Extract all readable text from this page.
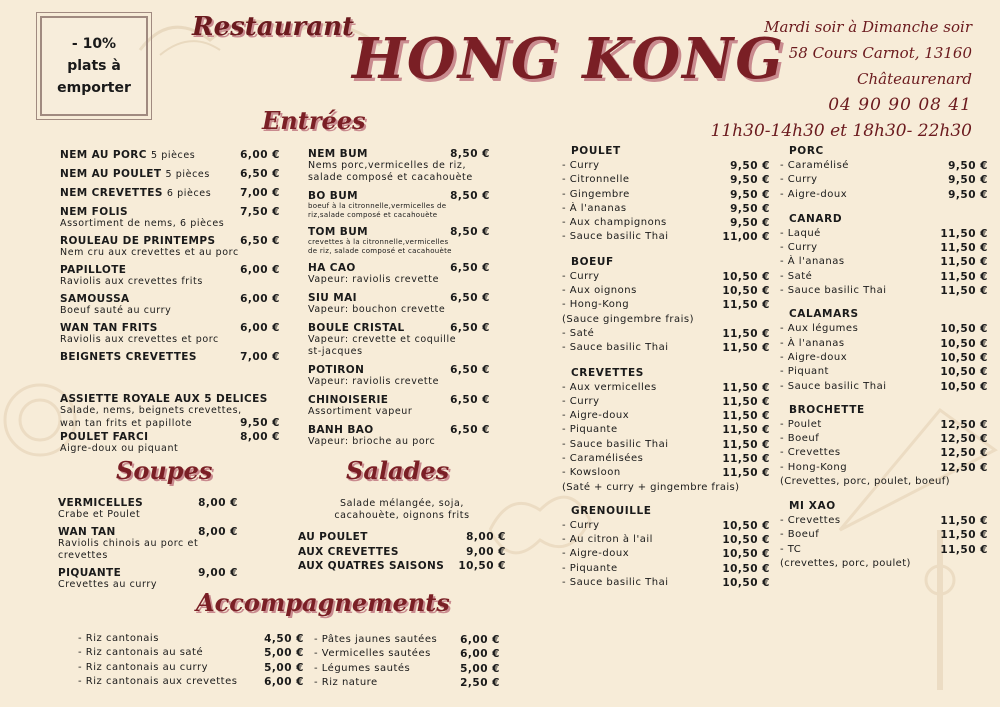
- 10%
plats à
emporter
Restaurant
HONG KONG
Mardi soir à Dimanche soir
58 Cours Carnot, 13160 Châteaurenard
04 90 90 08 41
11h30-14h30 et 18h30- 22h30
Entrées
Soupes	Salades
Accompagnements
NEM AU PORC 5 pièces	6,00 €
NEM AU POULET 5 pièces	6,50 €
NEM CREVETTES 6 pièces	7,00 €
NEM FOLIS	7,50 €
Assortiment de nems, 6 pièces
ROULEAU DE PRINTEMPS 6,50 €
Nem cru aux crevettes et au porc
PAPILLOTE	6,00 €
Raviolis aux crevettes frits
SAMOUSSA	6,00 €
Boeuf sauté au curry
WAN TAN FRITS	6,00 €
Raviolis aux crevettes et porc
BEIGNETS CREVETTES	7,00 €
ASSIETTE ROYALE AUX 5 DELICES
Salade, nems, beignets crevettes,
wan tan frits et papillote	9,50 €
POULET FARCI	8,00 €
Aigre-doux ou piquant
NEM BUM	8,50 €
Nems porc,vermicelles de riz,
salade composé et cacahouète
BO BUM	8,50 €
boeuf à la citronnelle,vermicelles de
riz,salade composé et cacahouète
TOM BUM	8,50 €
crevettes à la citronnelle,vermicelles
de riz, salade composé et cacahouète
HA CAO	6,50 €
Vapeur: raviolis crevette
SIU MAI	6,50 €
Vapeur: bouchon crevette
BOULE CRISTAL	6,50 €
Vapeur: crevette et coquille
st-jacques
POTIRON	6,50 €
Vapeur: raviolis crevette
CHINOISERIE	6,50 €
Assortiment vapeur
BANH BAO	6,50 €
Vapeur: brioche au porc
VERMICELLES	8,00 €
Crabe et Poulet
WAN TAN	8,00 €
Raviolis chinois au porc et
crevettes
PIQUANTE	9,00 €
Crevettes au curry
Salade mélangée, soja,
cacahouète, oignons frits
AU POULET	8,00 €
AUX CREVETTES	9,00 €
AUX QUATRES SAISONS 10,50 €
- Riz cantonais	4,50 €
- Riz cantonais au saté	5,00 €
- Riz cantonais au curry	5,00 €
- Riz cantonais aux crevettes	6,00 €
- Pâtes jaunes sautées 6,00 €
- Vermicelles sautées	6,00 €
- Légumes sautés	5,00 €
- Riz nature	2,50 €
POULET
- Curry	9,50 €
- Citronnelle	9,50 €
- Gingembre	9,50 €
- À l'ananas	9,50 €
- Aux champignons	9,50 €
- Sauce basilic Thai	11,00 €
BOEUF
- Curry	10,50 €
- Aux oignons	10,50 €
- Hong-Kong	11,50 €
(Sauce gingembre frais)
- Saté	11,50 €
- Sauce basilic Thai	11,50 €
CREVETTES
- Aux vermicelles	11,50 €
- Curry	11,50 €
- Aigre-doux	11,50 €
- Piquante	11,50 €
- Sauce basilic Thai	11,50 €
- Caramélisées	11,50 €
- Kowsloon	11,50 €
(Saté + curry + gingembre frais)
GRENOUILLE
- Curry	10,50 €
- Au citron à l'ail	10,50 €
- Aigre-doux	10,50 €
- Piquante	10,50 €
- Sauce basilic Thai	10,50 €
PORC
- Caramélisé	9,50 €
- Curry	9,50 €
- Aigre-doux	9,50 €
CANARD
- Laqué	11,50 €
- Curry	11,50 €
- À l'ananas	11,50 €
- Saté	11,50 €
- Sauce basilic Thai	11,50 €
CALAMARS
- Aux légumes	10,50 €
- À l'ananas	10,50 €
- Aigre-doux	10,50 €
- Piquant	10,50 €
- Sauce basilic Thai	10,50 €
BROCHETTE
- Poulet	12,50 €
- Boeuf	12,50 €
- Crevettes	12,50 €
- Hong-Kong	12,50 €
(Crevettes, porc, poulet, boeuf)
MI XAO
- Crevettes	11,50 €
- Boeuf	11,50 €
- TC	11,50 €
(crevettes, porc, poulet)
